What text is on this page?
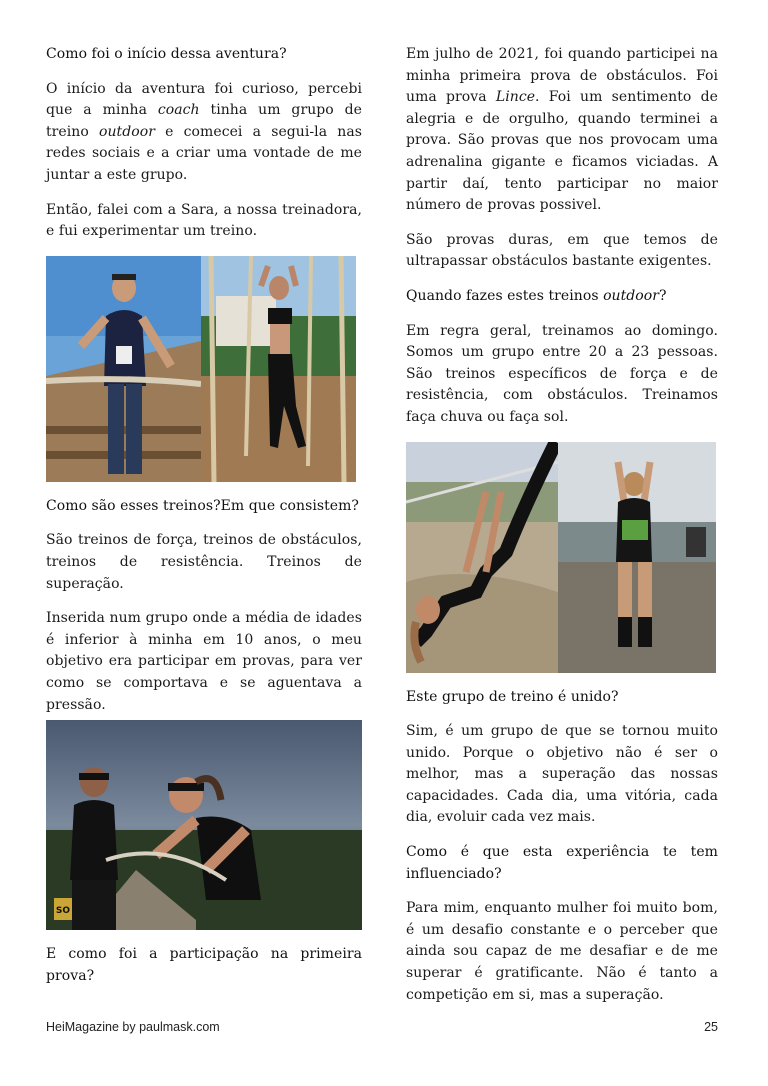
Como foi o início dessa aventura?

O início da aventura foi curioso, percebi que a minha coach tinha um grupo de treino outdoor e comecei a segui-la nas redes sociais e a criar uma vontade de me juntar a este grupo.

Então, falei com a Sara, a nossa treinadora, e fui experimentar um treino.

Como são esses treinos?Em que consistem?

São treinos de força, treinos de obstáculos, treinos de resistência. Treinos de superação.

Inserida num grupo onde a média de idades é inferior à minha em 10 anos, o meu objetivo era participar em provas, para ver como se comportava e se aguentava a pressão.

SO

E como foi a participação na primeira prova?

Em julho de 2021, foi quando participei na minha primeira prova de obstáculos. Foi uma prova Lince. Foi um sentimento de alegria e de orgulho, quando terminei a prova. São provas que nos provocam uma adrenalina gigante e ficamos viciadas. A partir daí, tento participar no maior número de provas possivel.

São provas duras, em que temos de ultrapassar obstáculos bastante exigentes.

Quando fazes estes treinos outdoor?

Em regra geral, treinamos ao domingo. Somos um grupo entre 20 a 23 pessoas. São treinos específicos de força e de resistência, com obstáculos. Treinamos faça chuva ou faça sol.

Este grupo de treino é unido?

Sim, é um grupo de que se tornou muito unido. Porque o objetivo não é ser o melhor, mas a superação das nossas capacidades. Cada dia, uma vitória, cada dia, evoluir cada vez mais.

Como é que esta experiência te tem influenciado?

Para mim, enquanto mulher foi muito bom, é um desafio constante e o perceber que ainda sou capaz de me desafiar e de me superar é gratificante. Não é tanto a competição em si, mas a superação.

HeiMagazine by paulmask.com	25
